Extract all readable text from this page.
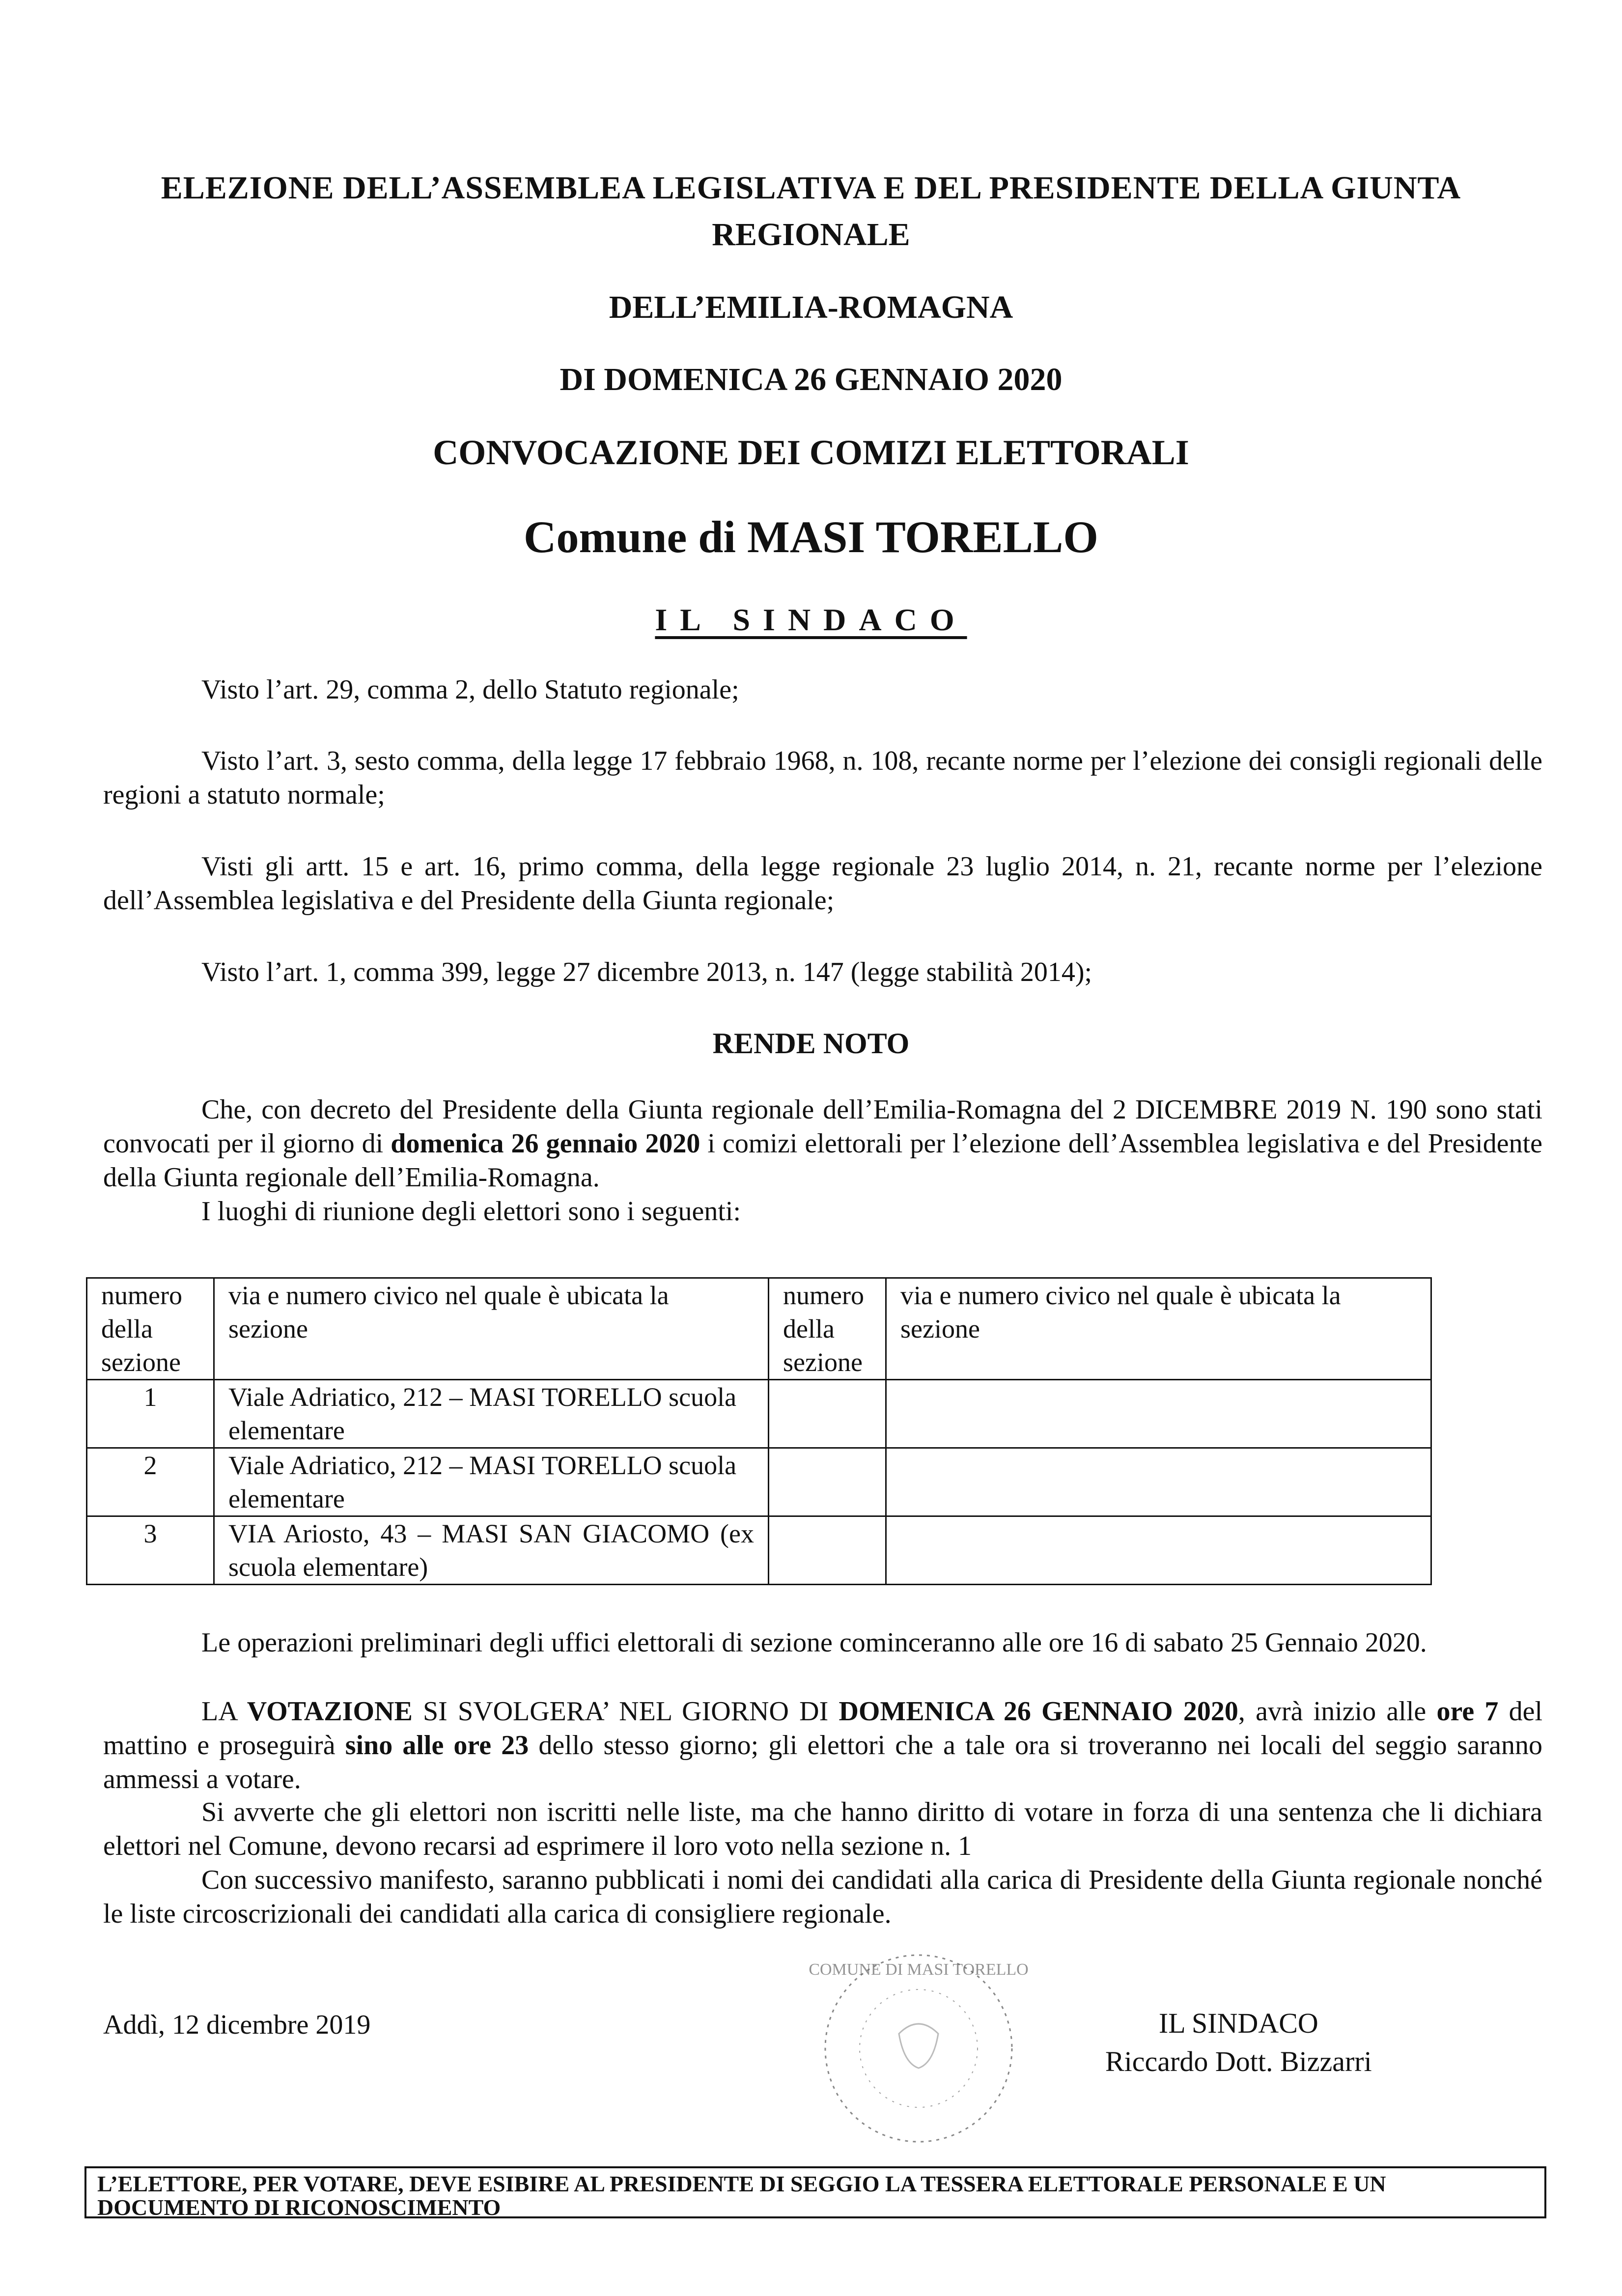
ELEZIONE DELL’ASSEMBLEA LEGISLATIVA E DEL PRESIDENTE DELLA GIUNTA
REGIONALE
DELL’EMILIA-ROMAGNA
DI DOMENICA 26 GENNAIO 2020
CONVOCAZIONE DEI COMIZI ELETTORALI
Comune di MASI TORELLO
IL SINDACO
Visto l’art. 29, comma 2, dello Statuto regionale;
Visto l’art. 3, sesto comma, della legge 17 febbraio 1968, n. 108, recante norme per l’elezione dei consigli regionali delle regioni a statuto normale;
Visti gli artt. 15 e art. 16, primo comma, della legge regionale 23 luglio 2014, n. 21, recante norme per l’elezione dell’Assemblea legislativa e del Presidente della Giunta regionale;
Visto l’art. 1, comma 399, legge 27 dicembre 2013, n. 147 (legge stabilità 2014);
RENDE NOTO
Che, con decreto del Presidente della Giunta regionale dell’Emilia-Romagna del 2 DICEMBRE 2019 N. 190 sono stati convocati per il giorno di domenica 26 gennaio 2020 i comizi elettorali per l’elezione dell’Assemblea legislativa e del Presidente della Giunta regionale dell’Emilia-Romagna.
I luoghi di riunione degli elettori sono i seguenti:
numero della sezione	via e numero civico nel quale è ubicata la sezione	numero della sezione	via e numero civico nel quale è ubicata la sezione
1	Viale Adriatico, 212 – MASI TORELLO scuola elementare		
2	Viale Adriatico, 212 – MASI TORELLO scuola elementare		
3	VIA Ariosto, 43 – MASI SAN GIACOMO (ex scuola elementare)		
Le operazioni preliminari degli uffici elettorali di sezione cominceranno alle ore 16 di sabato 25 Gennaio 2020.
LA VOTAZIONE SI SVOLGERA’ NEL GIORNO DI DOMENICA 26 GENNAIO 2020, avrà inizio alle ore 7 del mattino e proseguirà sino alle ore 23 dello stesso giorno; gli elettori che a tale ora si troveranno nei locali del seggio saranno ammessi a votare.
Si avverte che gli elettori non iscritti nelle liste, ma che hanno diritto di votare in forza di una sentenza che li dichiara elettori nel Comune, devono recarsi ad esprimere il loro voto nella sezione n. 1
Con successivo manifesto, saranno pubblicati i nomi dei candidati alla carica di Presidente della Giunta regionale nonché le liste circoscrizionali dei candidati alla carica di consigliere regionale.
Addì, 12 dicembre 2019
COMUNE DI MASI TORELLO
IL SINDACO
Riccardo Dott. Bizzarri
L’ELETTORE, PER VOTARE, DEVE ESIBIRE AL PRESIDENTE DI SEGGIO LA TESSERA ELETTORALE PERSONALE E UN DOCUMENTO DI RICONOSCIMENTO
